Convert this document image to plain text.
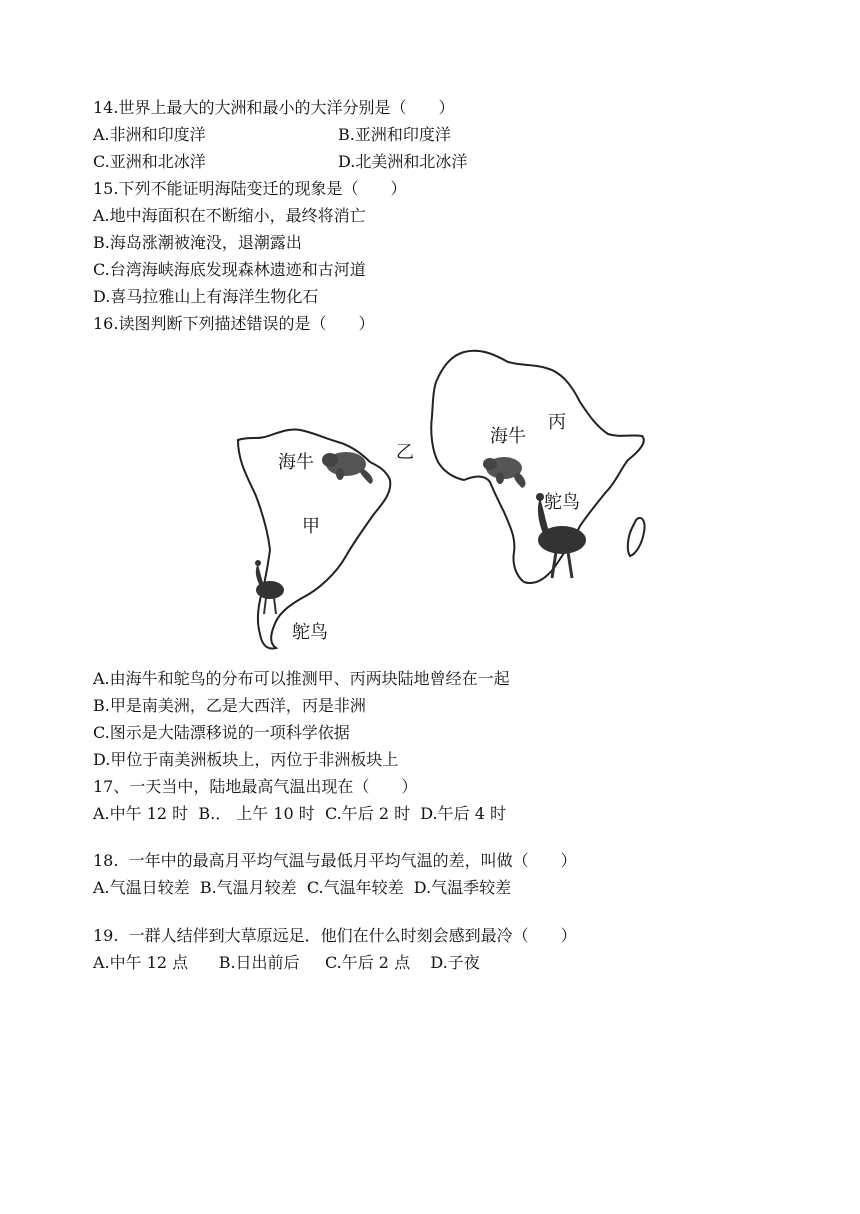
14.世界上最大的大洲和最小的大洋分别是（　　）
A.非洲和印度洋	B.亚洲和印度洋
C.亚洲和北冰洋	D.北美洲和北冰洋
15.下列不能证明海陆变迁的现象是（　　）
A.地中海面积在不断缩小，最终将消亡
B.海岛涨潮被淹没，退潮露出
C.台湾海峡海底发现森林遗迹和古河道
D.喜马拉雅山上有海洋生物化石
16.读图判断下列描述错误的是（　　）
海牛
甲
鸵鸟
乙
海牛
丙
鸵鸟
A.由海牛和鸵鸟的分布可以推测甲、丙两块陆地曾经在一起
B.甲是南美洲，乙是大西洋，丙是非洲
C.图示是大陆漂移说的一项科学依据
D.甲位于南美洲板块上，丙位于非洲板块上
17、一天当中，陆地最高气温出现在（　　）
A.中午 12 时  B.． 上午 10 时  C.午后 2 时  D.午后 4 时
18.  一年中的最高月平均气温与最低月平均气温的差，叫做（　　）
A.气温日较差  B.气温月较差  C.气温年较差  D.气温季较差
19.  一群人结伴到大草原远足．他们在什么时刻会感到最冷（　　）
A.中午 12 点      B.日出前后     C.午后 2 点    D.子夜
